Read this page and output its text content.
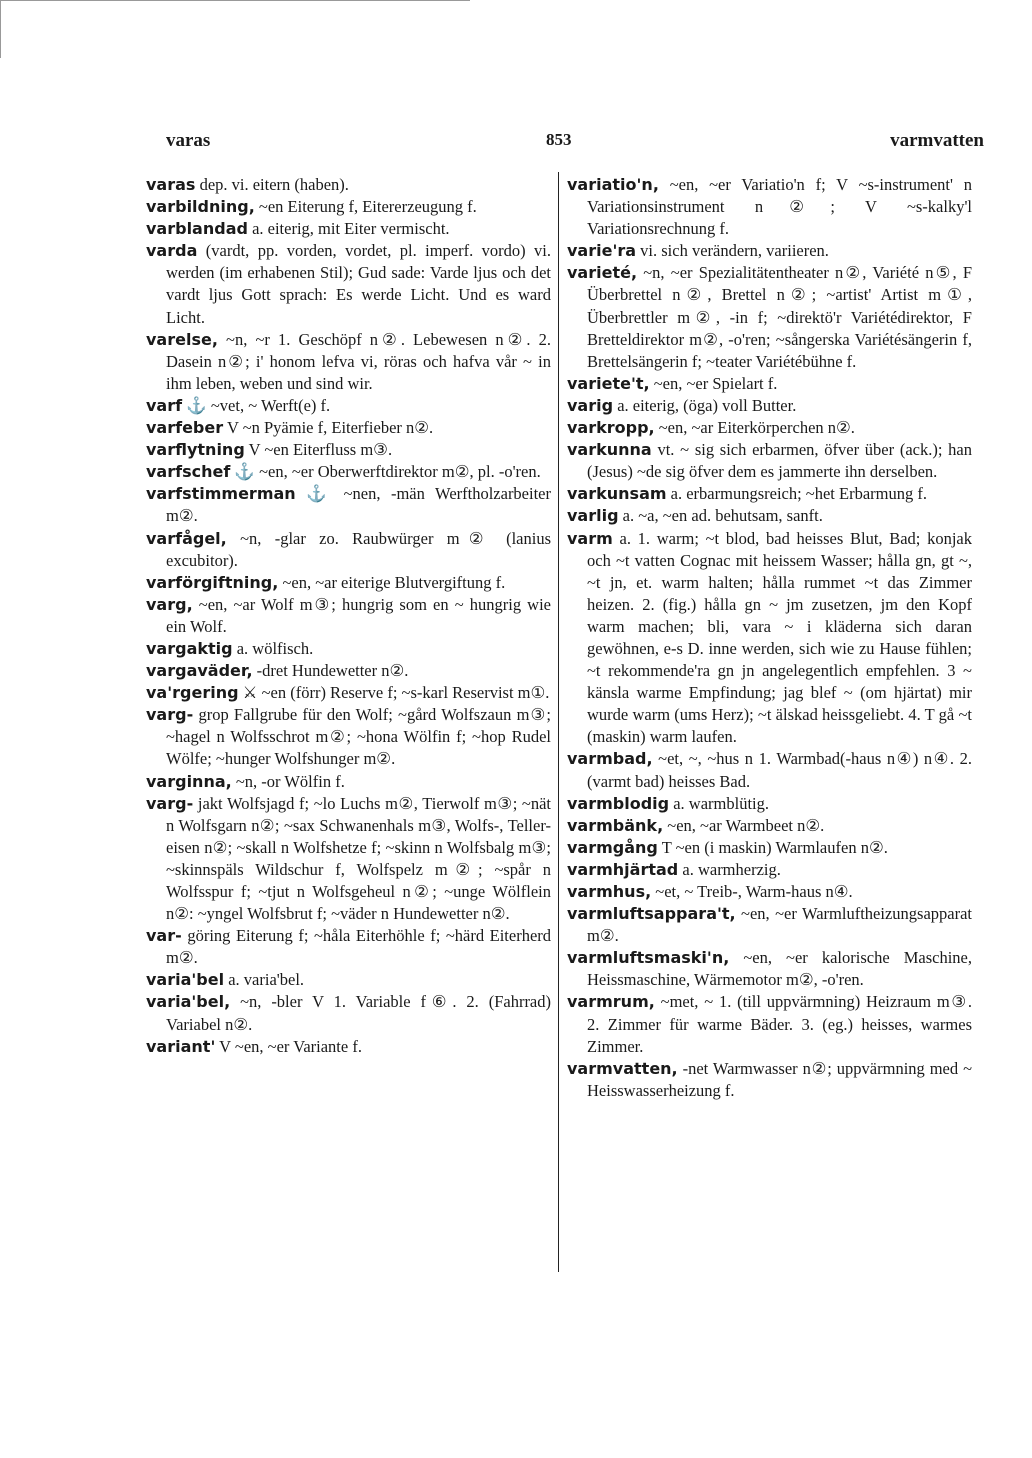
varas	853	varmvatten

varas dep. vi. eitern (haben).

varbildning, ~en Eiterung f, Eitererzeugung f.

varblandad a. eiterig, mit Eiter vermischt.

varda (vardt, pp. vorden, vordet, pl. imperf. vordo) vi. werden (im erhabenen Stil); Gud sade: Varde ljus och det vardt ljus Gott sprach: Es werde Licht. Und es ward Licht.

varelse, ~n, ~r 1. Geschöpf n②. Lebewesen n②. 2. Dasein n②; i' honom lefva vi, röras och hafva vår ~ in ihm leben, weben und sind wir.

varf ⚓ ~vet, ~ Werft(e) f.

varfeber V ~n Pyämie f, Eiterfieber n②.

varflytning V ~en Eiterfluss m③.

varfschef ⚓ ~en, ~er Oberwerftdirektor m②, pl. -o'ren.

varfstimmerman ⚓ ~nen, -män Werftholzarbeiter m②.

varfågel, ~n, -glar zo. Raubwürger m② (lanius excubitor).

varförgiftning, ~en, ~ar eiterige Blutvergiftung f.

varg, ~en, ~ar Wolf m③; hungrig som en ~ hungrig wie ein Wolf.

vargaktig a. wölfisch.

vargaväder, -dret Hundewetter n②.

va'rgering ⚔ ~en (förr) Reserve f; ~s-karl Reservist m①.

varg- grop Fallgrube für den Wolf; ~gård Wolfszaun m③; ~hagel n Wolfsschrot m②; ~hona Wölfin f; ~hop Rudel Wölfe; ~hunger Wolfshunger m②.

varginna, ~n, -or Wölfin f.

varg- jakt Wolfsjagd f; ~lo Luchs m②, Tierwolf m③; ~nät n Wolfsgarn n②; ~sax Schwanenhals m③, Wolfs-, Teller-eisen n②; ~skall n Wolfshetze f; ~skinn n Wolfsbalg m③; ~skinnspäls Wildschur f, Wolfspelz m②; ~spår n Wolfsspur f; ~tjut n Wolfsgeheul n②; ~unge Wölflein n②: ~yngel Wolfsbrut f; ~väder n Hundewetter n②.

var- göring Eiterung f; ~håla Eiterhöhle f; ~härd Eiterherd m②.

varia'bel a. varia'bel.

varia'bel, ~n, -bler V 1. Variable f⑥. 2. (Fahrrad) Variabel n②.

variant' V ~en, ~er Variante f.

variatio'n, ~en, ~er Variatio'n f; V ~s-instrument' n Variationsinstrument n②; V ~s-kalky'l Variationsrechnung f.

varie'ra vi. sich verändern, variieren.

varieté, ~n, ~er Spezialitätentheater n②, Variété n⑤, F Überbrettel n②, Brettel n②; ~artist' Artist m①, Überbrettler m②, -in f; ~direktö'r Variétédirektor, F Bretteldirektor m②, -o'ren; ~sångerska Variétésängerin f, Brettelsängerin f; ~teater Variétébühne f.

variete't, ~en, ~er Spielart f.

varig a. eiterig, (öga) voll Butter.

varkropp, ~en, ~ar Eiterkörperchen n②.

varkunna vt. ~ sig sich erbarmen, öfver über (ack.); han (Jesus) ~de sig öfver dem es jammerte ihn derselben.

varkunsam a. erbarmungsreich; ~het Erbarmung f.

varlig a. ~a, ~en ad. behutsam, sanft.

varm a. 1. warm; ~t blod, bad heisses Blut, Bad; konjak och ~t vatten Cognac mit heissem Wasser; hålla gn, gt ~, ~t jn, et. warm halten; hålla rummet ~t das Zimmer heizen. 2. (fig.) hålla gn ~ jm zusetzen, jm den Kopf warm machen; bli, vara ~ i kläderna sich daran gewöhnen, e-s D. inne werden, sich wie zu Hause fühlen; ~t rekommende'ra gn jn angelegentlich empfehlen. 3 ~ känsla warme Empfindung; jag blef ~ (om hjärtat) mir wurde warm (ums Herz); ~t älskad heissgeliebt. 4. T gå ~t (maskin) warm laufen.

varmbad, ~et, ~, ~hus n 1. Warmbad(-haus n④) n④. 2. (varmt bad) heisses Bad.

varmblodig a. warmblütig.

varmbänk, ~en, ~ar Warmbeet n②.

varmgång T ~en (i maskin) Warmlaufen n②.

varmhjärtad a. warmherzig.

varmhus, ~et, ~ Treib-, Warm-haus n④.

varmluftsappara't, ~en, ~er Warmluftheizungsapparat m②.

varmluftsmaski'n, ~en, ~er kalorische Maschine, Heissmaschine, Wärmemotor m②, -o'ren.

varmrum, ~met, ~ 1. (till uppvärmning) Heizraum m③. 2. Zimmer für warme Bäder. 3. (eg.) heisses, warmes Zimmer.

varmvatten, -net Warmwasser n②; uppvärmning med ~ Heisswasserheizung f.
